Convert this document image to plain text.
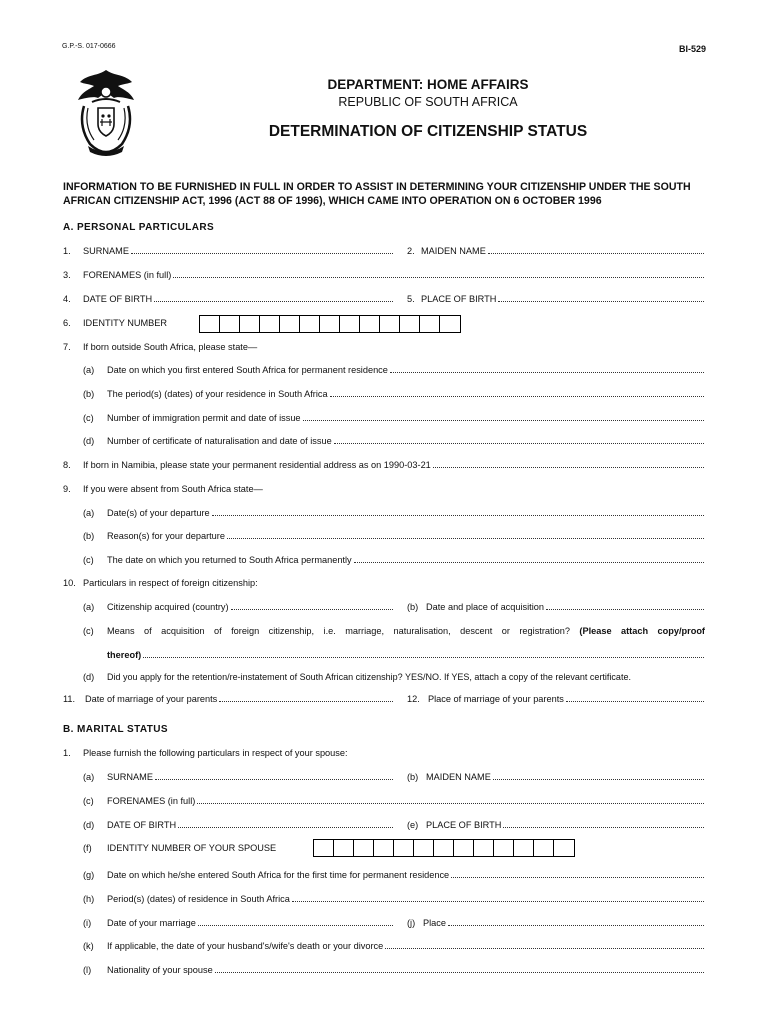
G.P.-S. 017-0666	BI-529
DEPARTMENT: HOME AFFAIRS
REPUBLIC OF SOUTH AFRICA
DETERMINATION OF CITIZENSHIP STATUS
INFORMATION TO BE FURNISHED IN FULL IN ORDER TO ASSIST IN DETERMINING YOUR CITIZENSHIP UNDER THE SOUTH AFRICAN CITIZENSHIP ACT, 1996 (ACT 88 OF 1996), WHICH CAME INTO OPERATION ON 6 OCTOBER 1996
A. PERSONAL PARTICULARS
1. SURNAME	2. MAIDEN NAME
3. FORENAMES (in full)
4. DATE OF BIRTH	5. PLACE OF BIRTH
6. IDENTITY NUMBER
7. If born outside South Africa, please state—
(a) Date on which you first entered South Africa for permanent residence
(b) The period(s) (dates) of your residence in South Africa
(c) Number of immigration permit and date of issue
(d) Number of certificate of naturalisation and date of issue
8. If born in Namibia, please state your permanent residential address as on 1990-03-21
9. If you were absent from South Africa state—
(a) Date(s) of your departure
(b) Reason(s) for your departure
(c) The date on which you returned to South Africa permanently
10. Particulars in respect of foreign citizenship:
(a) Citizenship acquired (country)	(b) Date and place of acquisition
(c) Means of acquisition of foreign citizenship, i.e. marriage, naturalisation, descent or registration? (Please attach copy/proof
thereof)
(d) Did you apply for the retention/re-instatement of South African citizenship? YES/NO. If YES, attach a copy of the relevant certificate.
11. Date of marriage of your parents	12. Place of marriage of your parents
B. MARITAL STATUS
1. Please furnish the following particulars in respect of your spouse:
(a) SURNAME	(b) MAIDEN NAME
(c) FORENAMES (in full)
(d) DATE OF BIRTH	(e) PLACE OF BIRTH
(f) IDENTITY NUMBER OF YOUR SPOUSE
(g) Date on which he/she entered South Africa for the first time for permanent residence
(h) Period(s) (dates) of residence in South Africa
(i) Date of your marriage	(j) Place
(k) If applicable, the date of your husband's/wife's death or your divorce
(l) Nationality of your spouse
